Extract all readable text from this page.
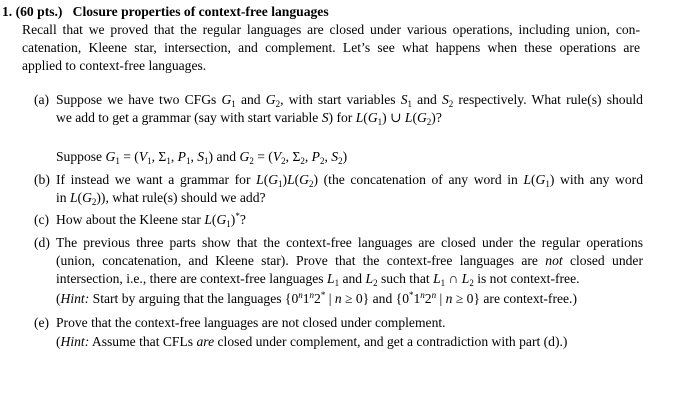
1. (60 pts.) Closure properties of context-free languages
Recall that we proved that the regular languages are closed under various operations, including union, con-
catenation, Kleene star, intersection, and complement. Let’s see what happens when these operations are
applied to context-free languages.
(a) Suppose we have two CFGs $G_1$ and $G_2$, with start variables $S_1$ and $S_2$ respectively. What rule(s) should
we add to get a grammar (say with start variable S) for $L(G_1)$ ∪ $L(G_2)$?
Suppose $G_1 = (V_1$, $\Sigma_1$, $P_1$, $S_1$) and $G_2 = (V_2$, $\Sigma_2$, $P_2$, $S_2$)
(b) If instead we want a grammar for $L(G_1)L(G_2)$ (the concatenation of any word in $L(G_1)$ with any word
in $L(G_2)$), what rule(s) should we add?
(c) How about the Kleene star $L(G_1)^*$?
(d) The previous three parts show that the context-free languages are closed under the regular operations
(union, concatenation, and Kleene star). Prove that the context-free languages are not closed under
intersection, i.e., there are context-free languages $L_1$ and $L_2$ such that $L_1$ ∩ $L_2$ is not context-free.
(Hint: Start by arguing that the languages {0$^n$1$^n$2* | n ≥ 0} and {0*1$^n$2$^n$ | n ≥ 0} are context-free.)
(e) Prove that the context-free languages are not closed under complement.
(Hint: Assume that CFLs are closed under complement, and get a contradiction with part (d).)
